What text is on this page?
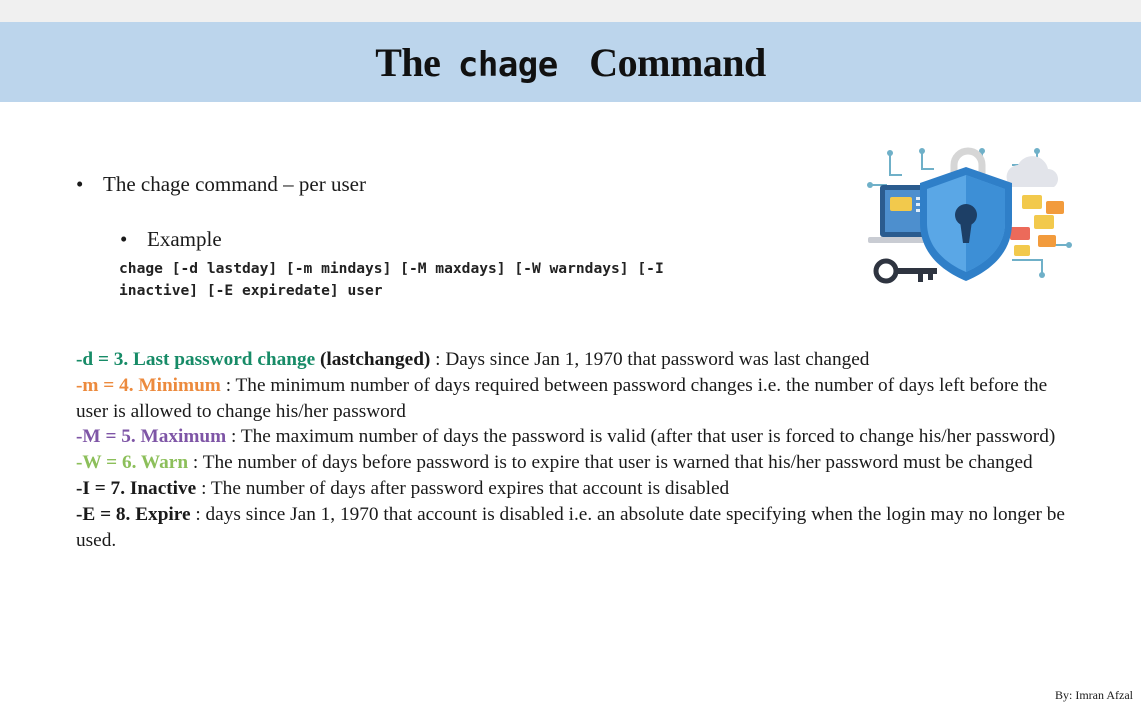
The chage Command
• The chage command – per user
• Example
chage [-d lastday] [-m mindays] [-M maxdays] [-W warndays] [-I
inactive] [-E expiredate] user
-d = 3. Last password change (lastchanged) : Days since Jan 1, 1970 that password was last changed
-m = 4. Minimum : The minimum number of days required between password changes i.e. the number of days left before the user is allowed to change his/her password
-M = 5. Maximum : The maximum number of days the password is valid (after that user is forced to change his/her password)
-W = 6. Warn : The number of days before password is to expire that user is warned that his/her password must be changed
-I = 7. Inactive : The number of days after password expires that account is disabled
-E = 8. Expire : days since Jan 1, 1970 that account is disabled i.e. an absolute date specifying when the login may no longer be used.
By: Imran Afzal
